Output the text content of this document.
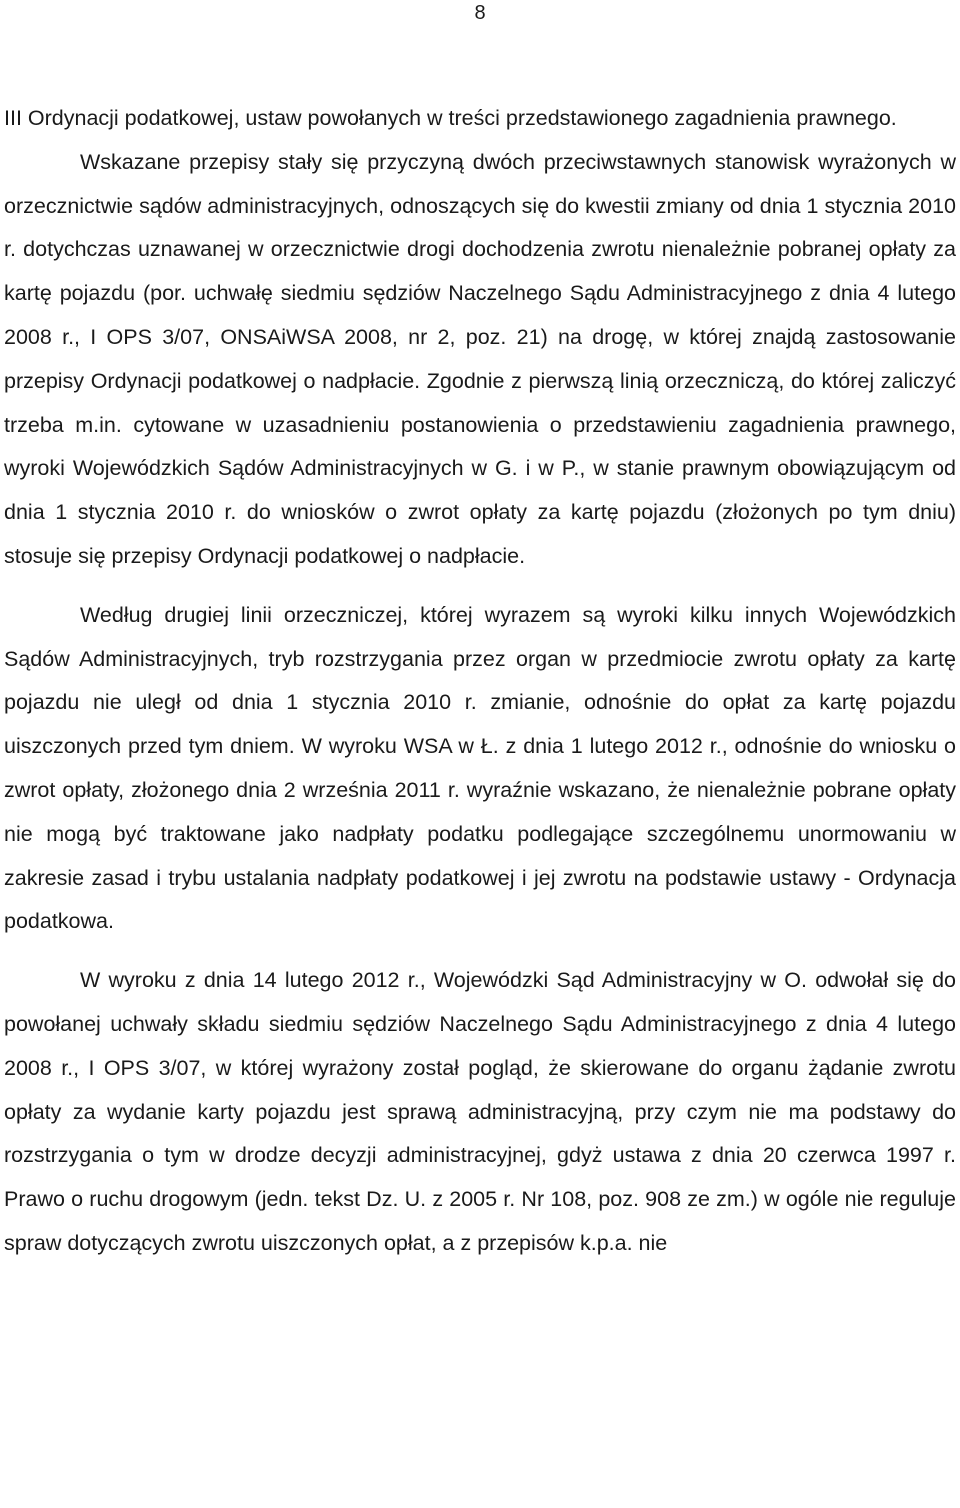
8

III Ordynacji podatkowej, ustaw powołanych w treści przedstawionego zagadnienia prawnego.

Wskazane przepisy stały się przyczyną dwóch przeciwstawnych stanowisk wyrażonych w orzecznictwie sądów administracyjnych, odnoszących się do kwestii zmiany od dnia 1 stycznia 2010 r. dotychczas uznawanej w orzecznictwie drogi dochodzenia zwrotu nienależnie pobranej opłaty za kartę pojazdu (por. uchwałę siedmiu sędziów Naczelnego Sądu Administracyjnego z dnia 4 lutego 2008 r., I OPS 3/07, ONSAiWSA 2008, nr 2, poz. 21) na drogę, w której znajdą zastosowanie przepisy Ordynacji podatkowej o nadpłacie. Zgodnie z pierwszą linią orzeczniczą, do której zaliczyć trzeba m.in. cytowane w uzasadnieniu postanowienia o przedstawieniu zagadnienia prawnego, wyroki Wojewódzkich Sądów Administracyjnych w G. i w P., w stanie prawnym obowiązującym od dnia 1 stycznia 2010 r. do wniosków o zwrot opłaty za kartę pojazdu (złożonych po tym dniu) stosuje się przepisy Ordynacji podatkowej o nadpłacie.

Według drugiej linii orzeczniczej, której wyrazem są wyroki kilku innych Wojewódzkich Sądów Administracyjnych, tryb rozstrzygania przez organ w przedmiocie zwrotu opłaty za kartę pojazdu nie uległ od dnia 1 stycznia 2010 r. zmianie, odnośnie do opłat za kartę pojazdu uiszczonych przed tym dniem. W wyroku WSA w Ł. z dnia 1 lutego 2012 r., odnośnie do wniosku o zwrot opłaty, złożonego dnia 2 września 2011 r. wyraźnie wskazano, że nienależnie pobrane opłaty nie mogą być traktowane jako nadpłaty podatku podlegające szczególnemu unormowaniu w zakresie zasad i trybu ustalania nadpłaty podatkowej i jej zwrotu na podstawie ustawy - Ordynacja podatkowa.

W wyroku z dnia 14 lutego 2012 r., Wojewódzki Sąd Administracyjny w O. odwołał się do powołanej uchwały składu siedmiu sędziów Naczelnego Sądu Administracyjnego z dnia 4 lutego 2008 r., I OPS 3/07, w której wyrażony został pogląd, że skierowane do organu żądanie zwrotu opłaty za wydanie karty pojazdu jest sprawą administracyjną, przy czym nie ma podstawy do rozstrzygania o tym w drodze decyzji administracyjnej, gdyż ustawa z dnia 20 czerwca 1997 r. Prawo o ruchu drogowym (jedn. tekst Dz. U. z 2005 r. Nr 108, poz. 908 ze zm.) w ogóle nie reguluje spraw dotyczących zwrotu uiszczonych opłat, a z przepisów k.p.a. nie
